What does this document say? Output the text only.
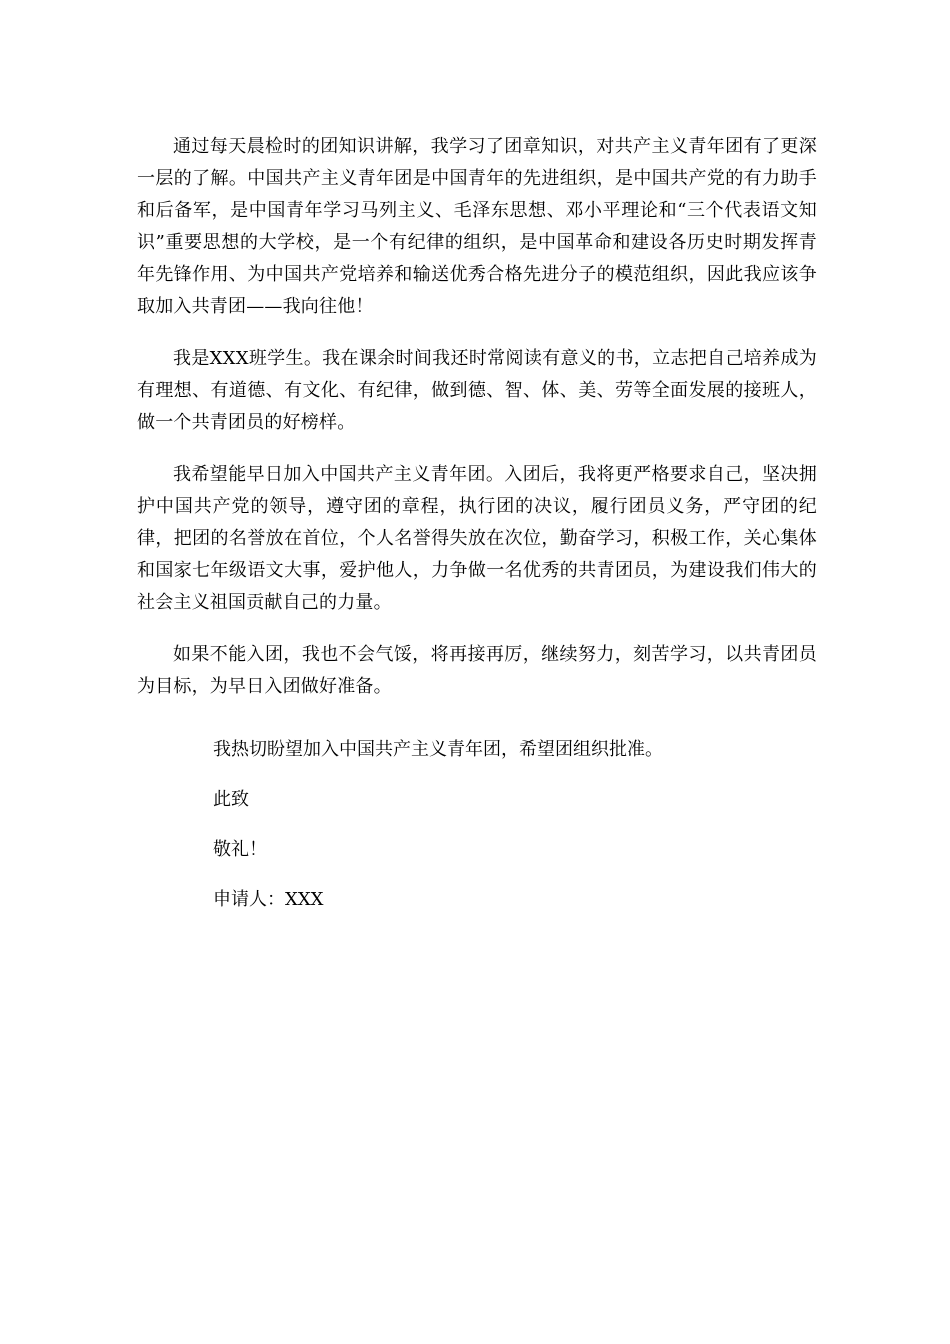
通过每天晨检时的团知识讲解，我学习了团章知识，对共产主义青年团有了更深一层的了解。中国共产主义青年团是中国青年的先进组织，是中国共产党的有力助手和后备军，是中国青年学习马列主义、毛泽东思想、邓小平理论和“三个代表语文知识”重要思想的大学校，是一个有纪律的组织，是中国革命和建设各历史时期发挥青年先锋作用、为中国共产党培养和输送优秀合格先进分子的模范组织，因此我应该争取加入共青团——我向往他！

我是XXX班学生。我在课余时间我还时常阅读有意义的书，立志把自己培养成为有理想、有道德、有文化、有纪律，做到德、智、体、美、劳等全面发展的接班人，做一个共青团员的好榜样。

我希望能早日加入中国共产主义青年团。入团后，我将更严格要求自己，坚决拥护中国共产党的领导，遵守团的章程，执行团的决议，履行团员义务，严守团的纪律，把团的名誉放在首位，个人名誉得失放在次位，勤奋学习，积极工作，关心集体和国家七年级语文大事，爱护他人，力争做一名优秀的共青团员，为建设我们伟大的社会主义祖国贡献自己的力量。

如果不能入团，我也不会气馁，将再接再厉，继续努力，刻苦学习，以共青团员为目标，为早日入团做好准备。

我热切盼望加入中国共产主义青年团，希望团组织批准。

此致

敬礼！

申请人：XXX
